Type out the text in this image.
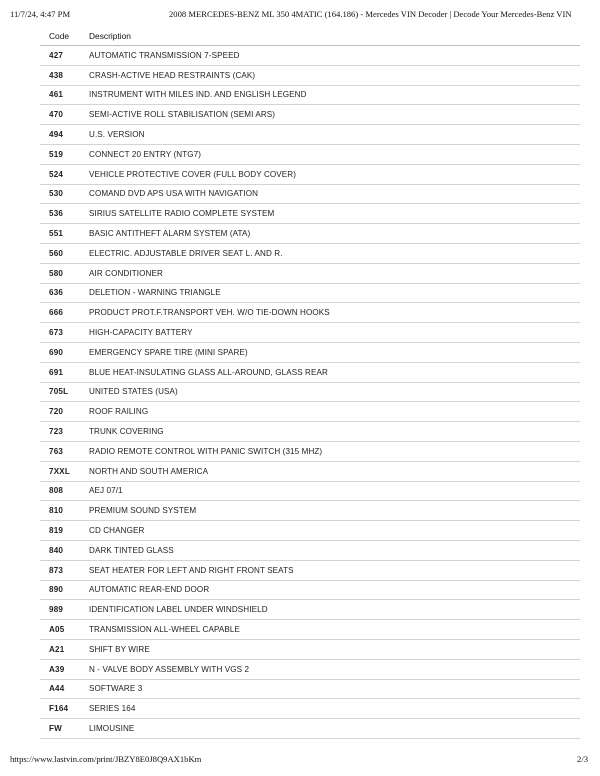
11/7/24, 4:47 PM	2008 MERCEDES-BENZ ML 350 4MATIC (164.186) - Mercedes VIN Decoder | Decode Your Mercedes-Benz VIN
Code	Description
427	AUTOMATIC TRANSMISSION 7-SPEED
438	CRASH-ACTIVE HEAD RESTRAINTS (CAK)
461	INSTRUMENT WITH MILES IND. AND ENGLISH LEGEND
470	SEMI-ACTIVE ROLL STABILISATION (SEMI ARS)
494	U.S. VERSION
519	CONNECT 20 ENTRY (NTG7)
524	VEHICLE PROTECTIVE COVER (FULL BODY COVER)
530	COMAND DVD APS USA WITH NAVIGATION
536	SIRIUS SATELLITE RADIO COMPLETE SYSTEM
551	BASIC ANTITHEFT ALARM SYSTEM (ATA)
560	ELECTRIC. ADJUSTABLE DRIVER SEAT L. AND R.
580	AIR CONDITIONER
636	DELETION - WARNING TRIANGLE
666	PRODUCT PROT.F.TRANSPORT VEH. W/O TIE-DOWN HOOKS
673	HIGH-CAPACITY BATTERY
690	EMERGENCY SPARE TIRE (MINI SPARE)
691	BLUE HEAT-INSULATING GLASS ALL-AROUND, GLASS REAR
705L	UNITED STATES (USA)
720	ROOF RAILING
723	TRUNK COVERING
763	RADIO REMOTE CONTROL WITH PANIC SWITCH (315 MHZ)
7XXL	NORTH AND SOUTH AMERICA
808	AEJ 07/1
810	PREMIUM SOUND SYSTEM
819	CD CHANGER
840	DARK TINTED GLASS
873	SEAT HEATER FOR LEFT AND RIGHT FRONT SEATS
890	AUTOMATIC REAR-END DOOR
989	IDENTIFICATION LABEL UNDER WINDSHIELD
A05	TRANSMISSION ALL-WHEEL CAPABLE
A21	SHIFT BY WIRE
A39	N - VALVE BODY ASSEMBLY WITH VGS 2
A44	SOFTWARE 3
F164	SERIES 164
FW	LIMOUSINE
https://www.lastvin.com/print/JBZY8E0J8Q9AX1bKm	2/3
